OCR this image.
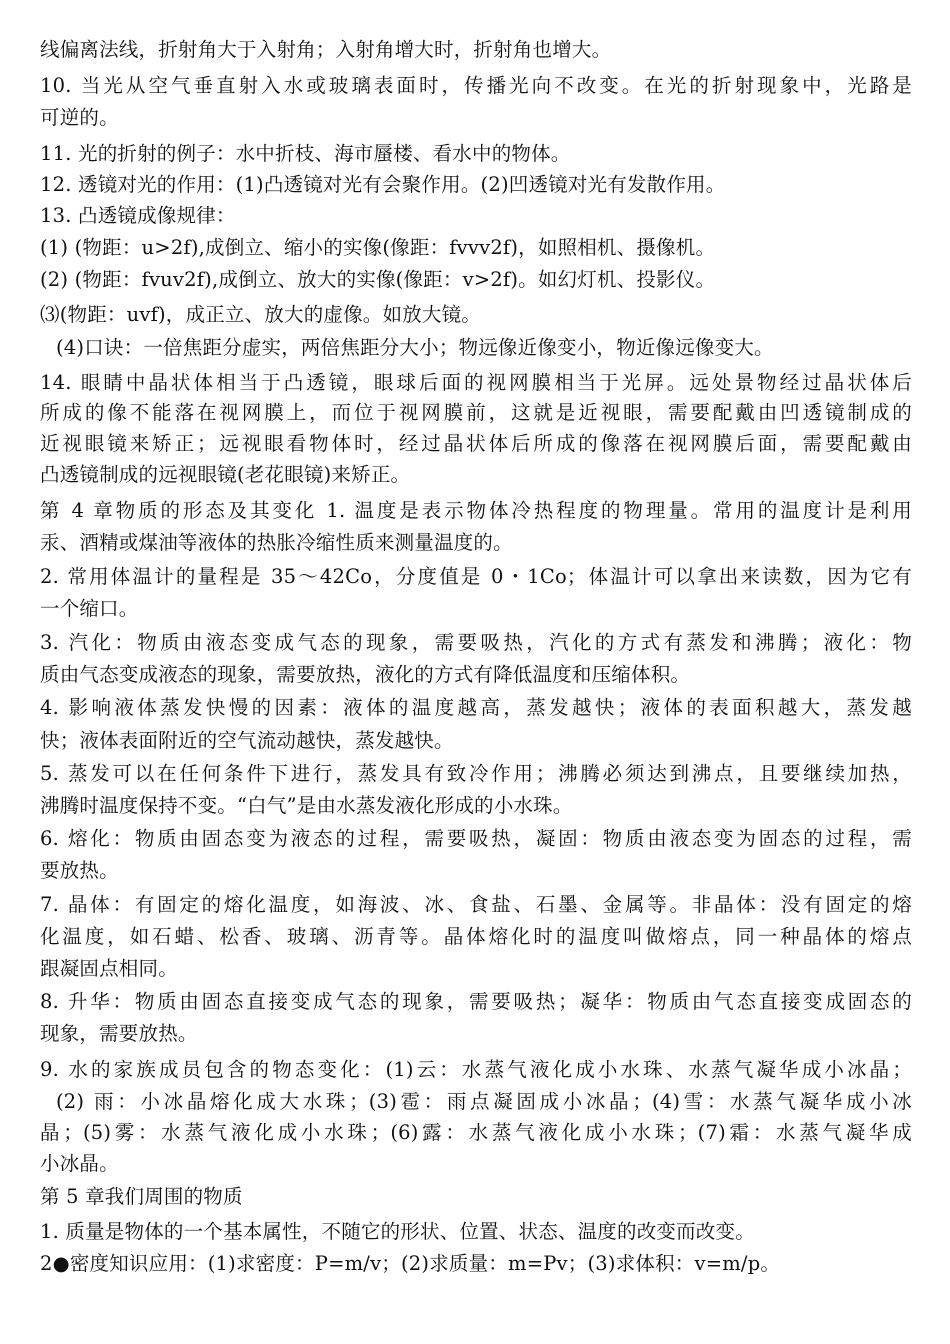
线偏离法线，折射角大于入射角；入射角增大时，折射角也增大。
10. 当光从空气垂直射入水或玻璃表面时，传播光向不改变。在光的折射现象中，光路是
可逆的。
11. 光的折射的例子：水中折枝、海市蜃楼、看水中的物体。
12. 透镜对光的作用：(1)凸透镜对光有会聚作用。(2)凹透镜对光有发散作用。
13. 凸透镜成像规律：
(1) (物距：u>2f),成倒立、缩小的实像(像距：fvvv2f)，如照相机、摄像机。
(2) (物距：fvuv2f),成倒立、放大的实像(像距：v>2f)。如幻灯机、投影仪。
⑶(物距：uvf)，成正立、放大的虚像。如放大镜。
(4)口诀：一倍焦距分虚实，两倍焦距分大小；物远像近像变小，物近像远像变大。
14. 眼睛中晶状体相当于凸透镜，眼球后面的视网膜相当于光屏。远处景物经过晶状体后
所成的像不能落在视网膜上，而位于视网膜前，这就是近视眼，需要配戴由凹透镜制成的
近视眼镜来矫正；远视眼看物体时，经过晶状体后所成的像落在视网膜后面，需要配戴由
凸透镜制成的远视眼镜(老花眼镜)来矫正。
第 4 章物质的形态及其变化 1. 温度是表示物体冷热程度的物理量。常用的温度计是利用
汞、酒精或煤油等液体的热胀冷缩性质来测量温度的。
2. 常用体温计的量程是 35〜42Co，分度值是 0・1Co；体温计可以拿出来读数，因为它有
一个缩口。
3. 汽化：物质由液态变成气态的现象，需要吸热，汽化的方式有蒸发和沸腾；液化：物
质由气态变成液态的现象，需要放热，液化的方式有降低温度和压缩体积。
4. 影响液体蒸发快慢的因素：液体的温度越高，蒸发越快；液体的表面积越大，蒸发越
快；液体表面附近的空气流动越快，蒸发越快。
5. 蒸发可以在任何条件下进行，蒸发具有致冷作用；沸腾必须达到沸点，且要继续加热，
沸腾时温度保持不变。“白气”是由水蒸发液化形成的小水珠。
6. 熔化：物质由固态变为液态的过程，需要吸热，凝固：物质由液态变为固态的过程，需
要放热。
7. 晶体：有固定的熔化温度，如海波、冰、食盐、石墨、金属等。非晶体：没有固定的熔
化温度，如石蜡、松香、玻璃、沥青等。晶体熔化时的温度叫做熔点，同一种晶体的熔点
跟凝固点相同。
8. 升华：物质由固态直接变成气态的现象，需要吸热；凝华：物质由气态直接变成固态的
现象，需要放热。
9. 水的家族成员包含的物态变化：(1)云：水蒸气液化成小水珠、水蒸气凝华成小冰晶；
(2) 雨：小冰晶熔化成大水珠；(3)雹：雨点凝固成小冰晶；(4)雪：水蒸气凝华成小冰
晶；(5)雾：水蒸气液化成小水珠；(6)露：水蒸气液化成小水珠；(7)霜：水蒸气凝华成
小冰晶。
第 5 章我们周围的物质
1. 质量是物体的一个基本属性，不随它的形状、位置、状态、温度的改变而改变。
2●密度知识应用：(1)求密度：P=m/v；(2)求质量：m=Pv；(3)求体积：v=m/p。
